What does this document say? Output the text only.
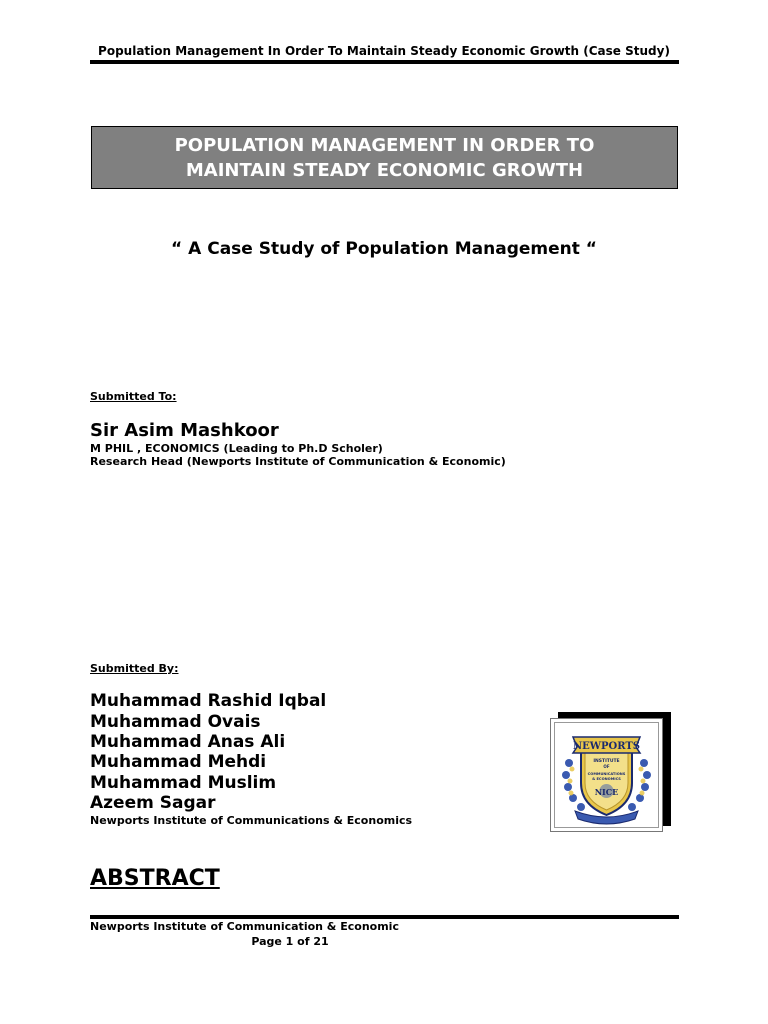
Population Management In Order To Maintain Steady Economic Growth (Case Study)
POPULATION MANAGEMENT IN ORDER TO
MAINTAIN STEADY ECONOMIC GROWTH
“ A Case Study of Population Management “
Submitted To:
Sir Asim Mashkoor
M PHIL , ECONOMICS (Leading to Ph.D Scholer)
Research Head (Newports Institute of Communication & Economic)
Submitted By:
Muhammad Rashid Iqbal
Muhammad Ovais
Muhammad Anas Ali
Muhammad Mehdi
Muhammad Muslim
Azeem Sagar
Newports Institute of Communications & Economics
NEWPORTS
INSTITUTE
OF
COMMUNICATIONS
& ECONOMICS
NICE
ABSTRACT
Newports Institute of Communication & Economic
Page 1 of 21
